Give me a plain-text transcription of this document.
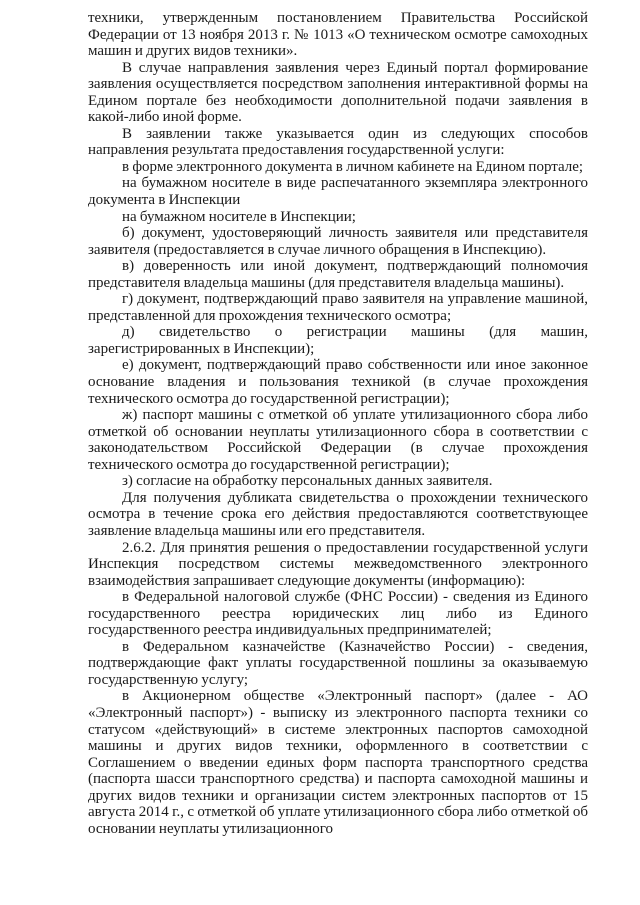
техники, утвержденным постановлением Правительства Российской Федерации от 13 ноября 2013 г. № 1013 «О техническом осмотре самоходных машин и других видов техники».

В случае направления заявления через Единый портал формирование заявления осуществляется посредством заполнения интерактивной формы на Едином портале без необходимости дополнительной подачи заявления в какой-либо иной форме.

В заявлении также указывается один из следующих способов направления результата предоставления государственной услуги:

в форме электронного документа в личном кабинете на Едином портале;

на бумажном носителе в виде распечатанного экземпляра электронного документа в Инспекции

на бумажном носителе в Инспекции;

б) документ, удостоверяющий личность заявителя или представителя заявителя (предоставляется в случае личного обращения в Инспекцию).

в) доверенность или иной документ, подтверждающий полномочия представителя владельца машины (для представителя владельца машины).

г) документ, подтверждающий право заявителя на управление машиной, представленной для прохождения технического осмотра;

д) свидетельство о регистрации машины (для машин, зарегистрированных в Инспекции);

е) документ, подтверждающий право собственности или иное законное основание владения и пользования техникой (в случае прохождения технического осмотра до государственной регистрации);

ж) паспорт машины с отметкой об уплате утилизационного сбора либо отметкой об основании неуплаты утилизационного сбора в соответствии с законодательством Российской Федерации (в случае прохождения технического осмотра до государственной регистрации);

з) согласие на обработку персональных данных заявителя.

Для получения дубликата свидетельства о прохождении технического осмотра в течение срока его действия предоставляются соответствующее заявление владельца машины или его представителя.

2.6.2. Для принятия решения о предоставлении государственной услуги Инспекция посредством системы межведомственного электронного взаимодействия запрашивает следующие документы (информацию):

в Федеральной налоговой службе (ФНС России) - сведения из Единого государственного реестра юридических лиц либо из Единого государственного реестра индивидуальных предпринимателей;

в Федеральном казначействе (Казначейство России) - сведения, подтверждающие факт уплаты государственной пошлины за оказываемую государственную услугу;

в Акционерном обществе «Электронный паспорт» (далее - АО «Электронный паспорт») - выписку из электронного паспорта техники со статусом «действующий» в системе электронных паспортов самоходной машины и других видов техники, оформленного в соответствии с Соглашением о введении единых форм паспорта транспортного средства (паспорта шасси транспортного средства) и паспорта самоходной машины и других видов техники и организации систем электронных паспортов от 15 августа 2014 г., с отметкой об уплате утилизационного сбора либо отметкой об основании неуплаты утилизационного
